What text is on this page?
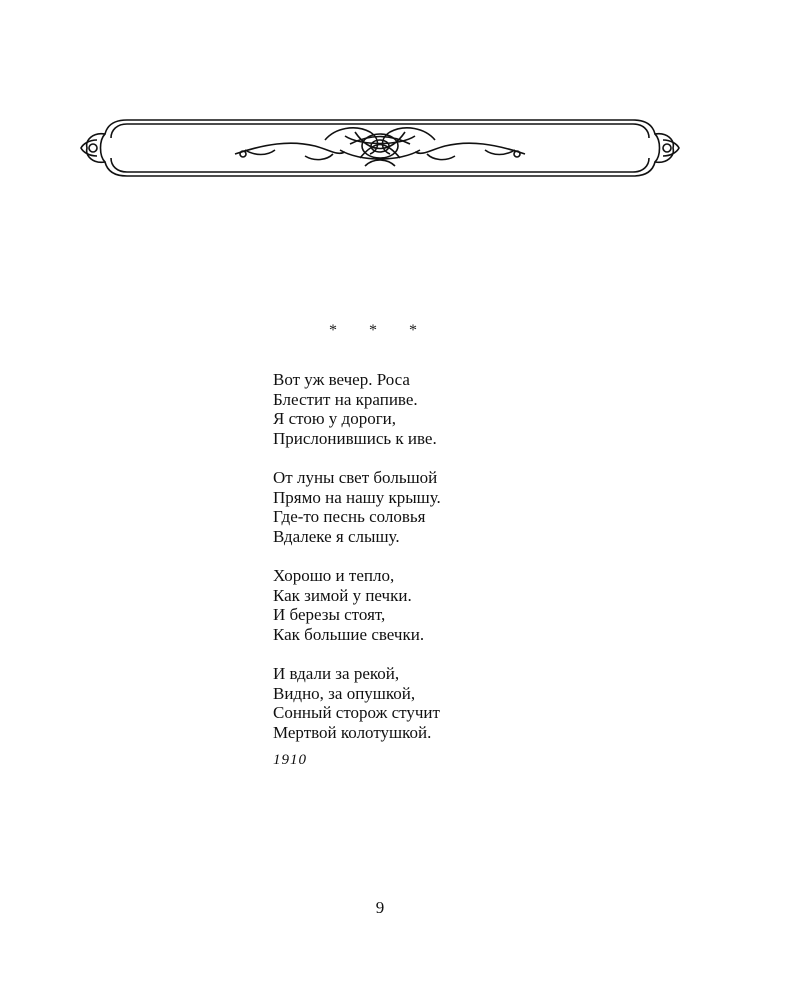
* * *
Вот уж вечер. Роса
Блестит на крапиве.
Я стою у дороги,
Прислонившись к иве.
От луны свет большой
Прямо на нашу крышу.
Где-то песнь соловья
Вдалеке я слышу.
Хорошо и тепло,
Как зимой у печки.
И березы стоят,
Как большие свечки.
И вдали за рекой,
Видно, за опушкой,
Сонный сторож стучит
Мертвой колотушкой.
1910
9
